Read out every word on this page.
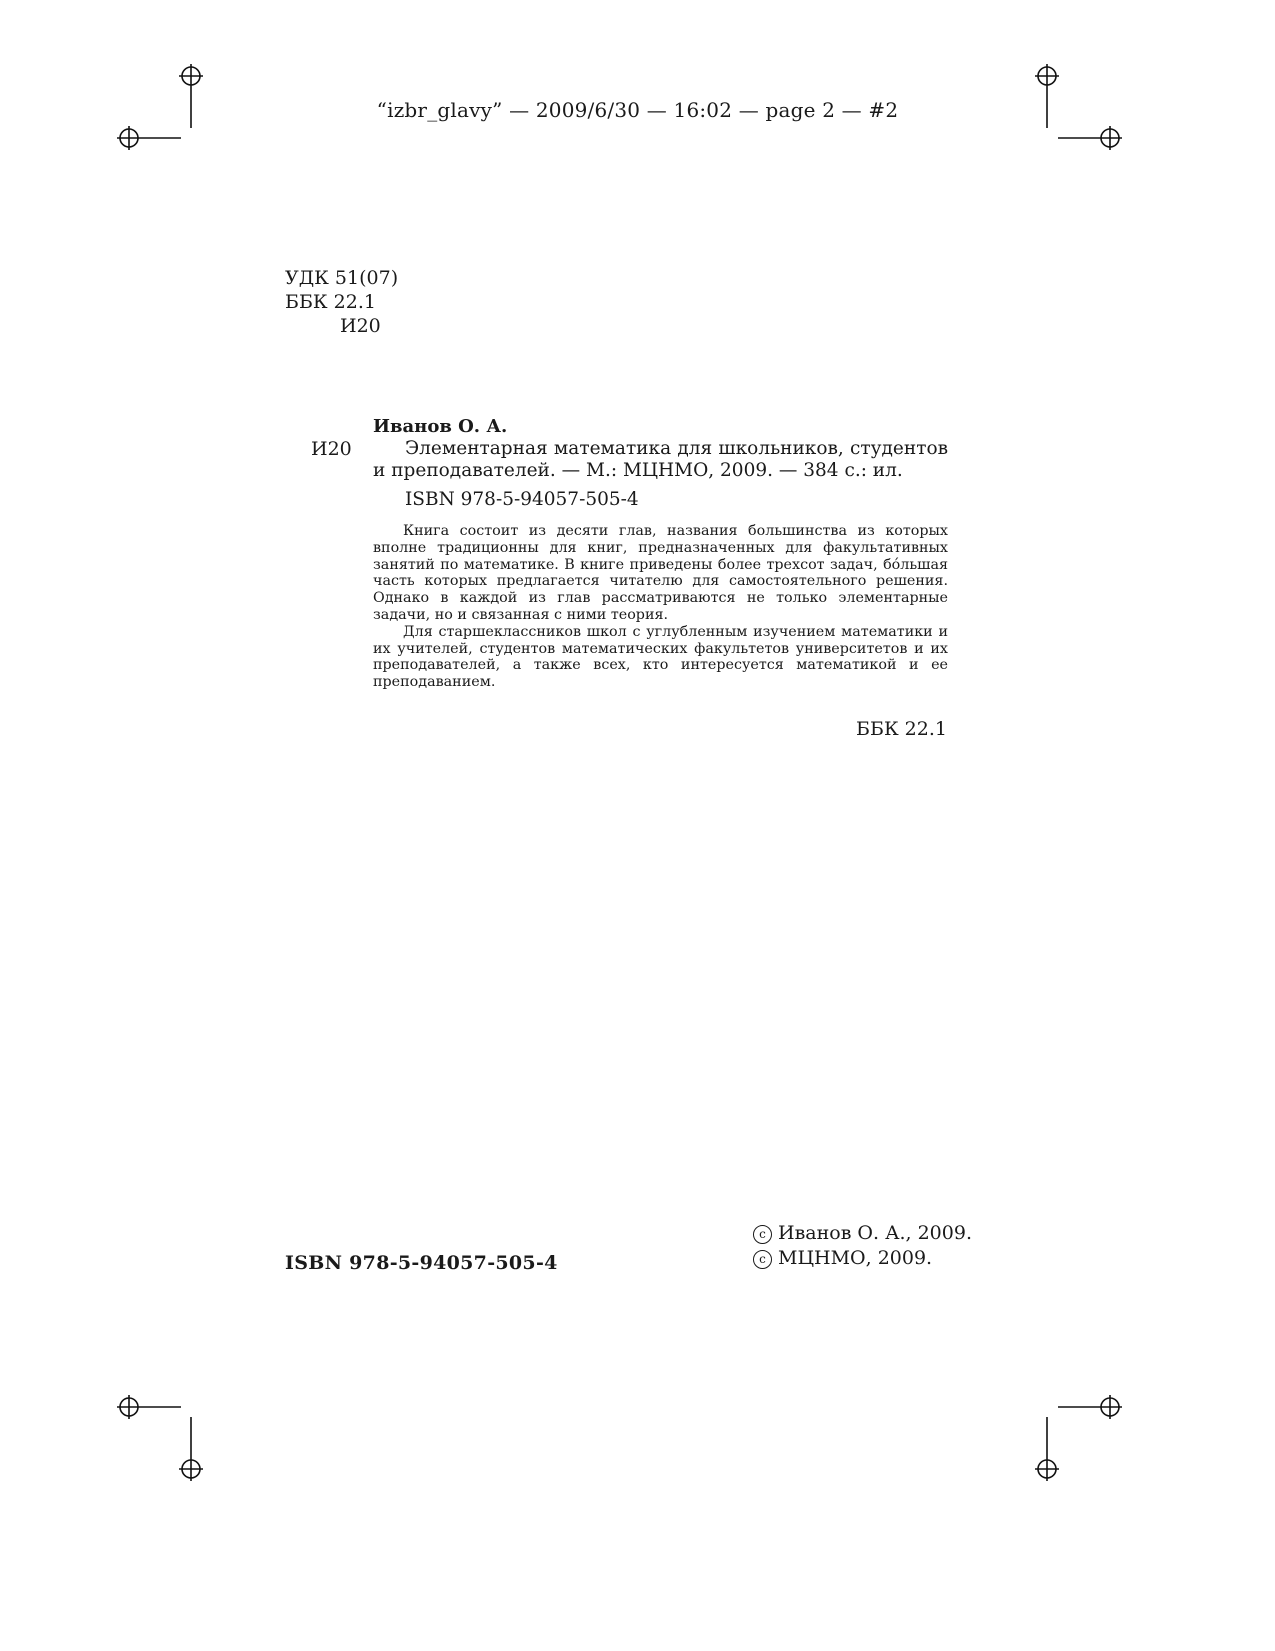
“izbr_glavy” — 2009/6/30 — 16:02 — page 2 — #2
УДК 51(07)
ББК 22.1
И20
Иванов О. А.
И20	Элементарная математика для школьников, студентов и преподавателей. — М.: МЦНМО, 2009. — 384 с.: ил.

ISBN 978-5-94057-505-4

Книга состоит из десяти глав, названия большинства из которых вполне традиционны для книг, предназначенных для факультативных занятий по математике. В книге приведены более трехсот задач, бóльшая часть которых предлагается читателю для самостоятельного решения. Однако в каждой из глав рассматриваются не только элементарные задачи, но и связанная с ними теория.

Для старшеклассников школ с углубленным изучением математики и их учителей, студентов математических факультетов университетов и их преподавателей, а также всех, кто интересуется математикой и ее преподаванием.

ББК 22.1
ISBN 978-5-94057-505-4
c Иванов О. А., 2009.
c МЦНМО, 2009.
